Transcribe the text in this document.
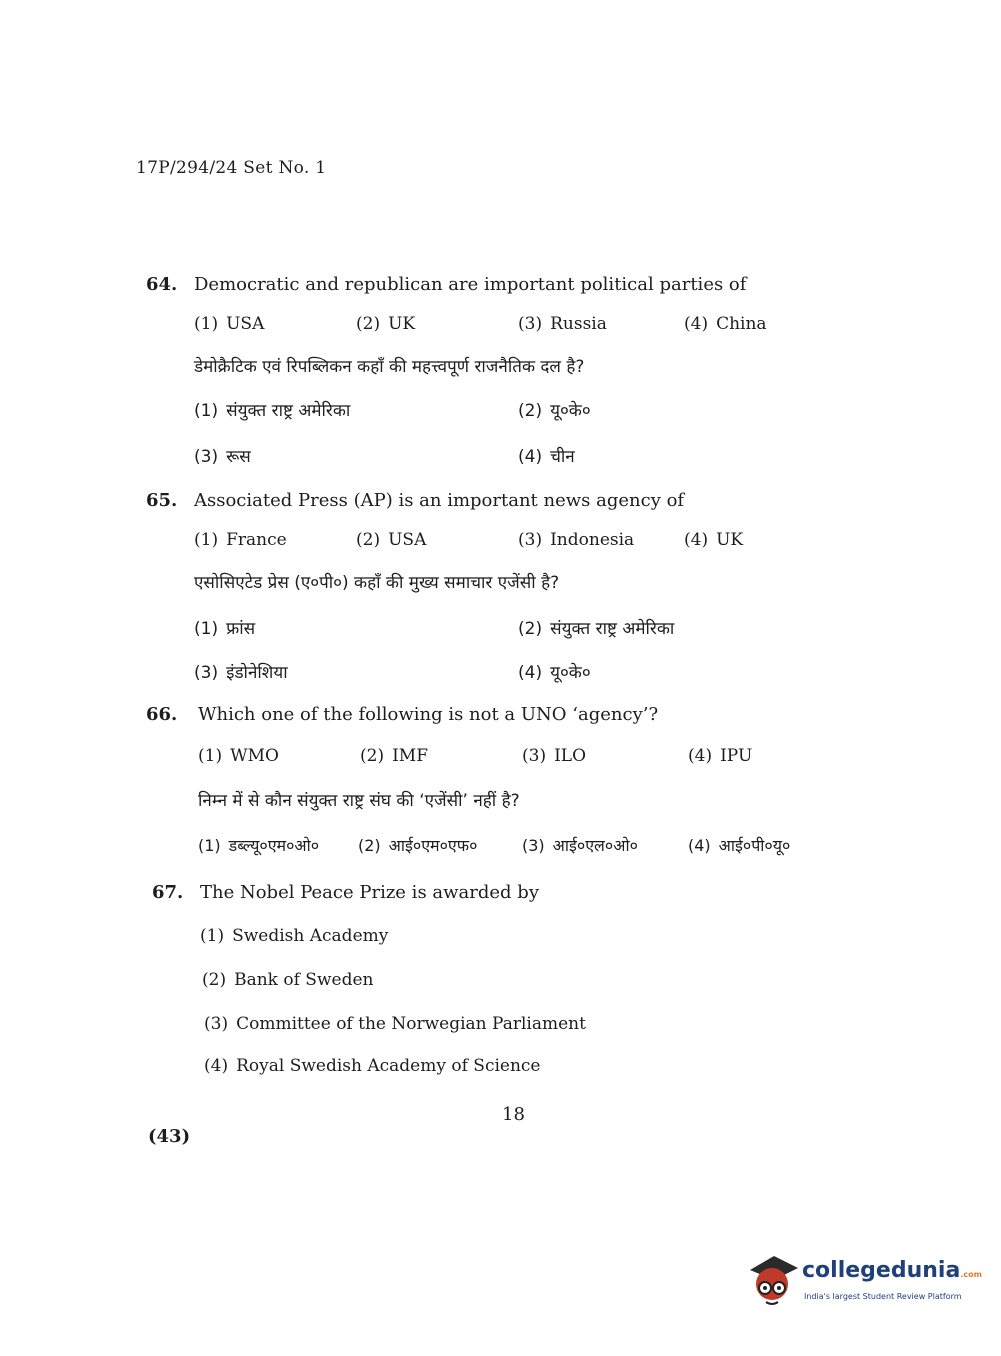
17P/294/24 Set No. 1
64. Democratic and republican are important political parties of
(1) USA	(2) UK	(3) Russia	(4) China
डेमोक्रैटिक एवं रिपब्लिकन कहाँ की महत्त्वपूर्ण राजनैतिक दल है?
(1) संयुक्त राष्ट्र अमेरिका	(2) यू०के०
(3) रूस	(4) चीन
65. Associated Press (AP) is an important news agency of
(1) France	(2) USA	(3) Indonesia	(4) UK
एसोसिएटेड प्रेस (ए०पी०) कहाँ की मुख्य समाचार एजेंसी है?
(1) फ्रांस	(2) संयुक्त राष्ट्र अमेरिका
(3) इंडोनेशिया	(4) यू०के०
66. Which one of the following is not a UNO ‘agency’?
(1) WMO	(2) IMF	(3) ILO	(4) IPU
निम्न में से कौन संयुक्त राष्ट्र संघ की ‘एजेंसी’ नहीं है?
(1) डब्ल्यू०एम०ओ० (2) आई०एम०एफ०	(3) आई०एल०ओ०	(4) आई०पी०यू०
67. The Nobel Peace Prize is awarded by
(1) Swedish Academy
(2) Bank of Sweden
(3) Committee of the Norwegian Parliament
(4) Royal Swedish Academy of Science
18
(43)
collegedunia.com
India's largest Student Review Platform
